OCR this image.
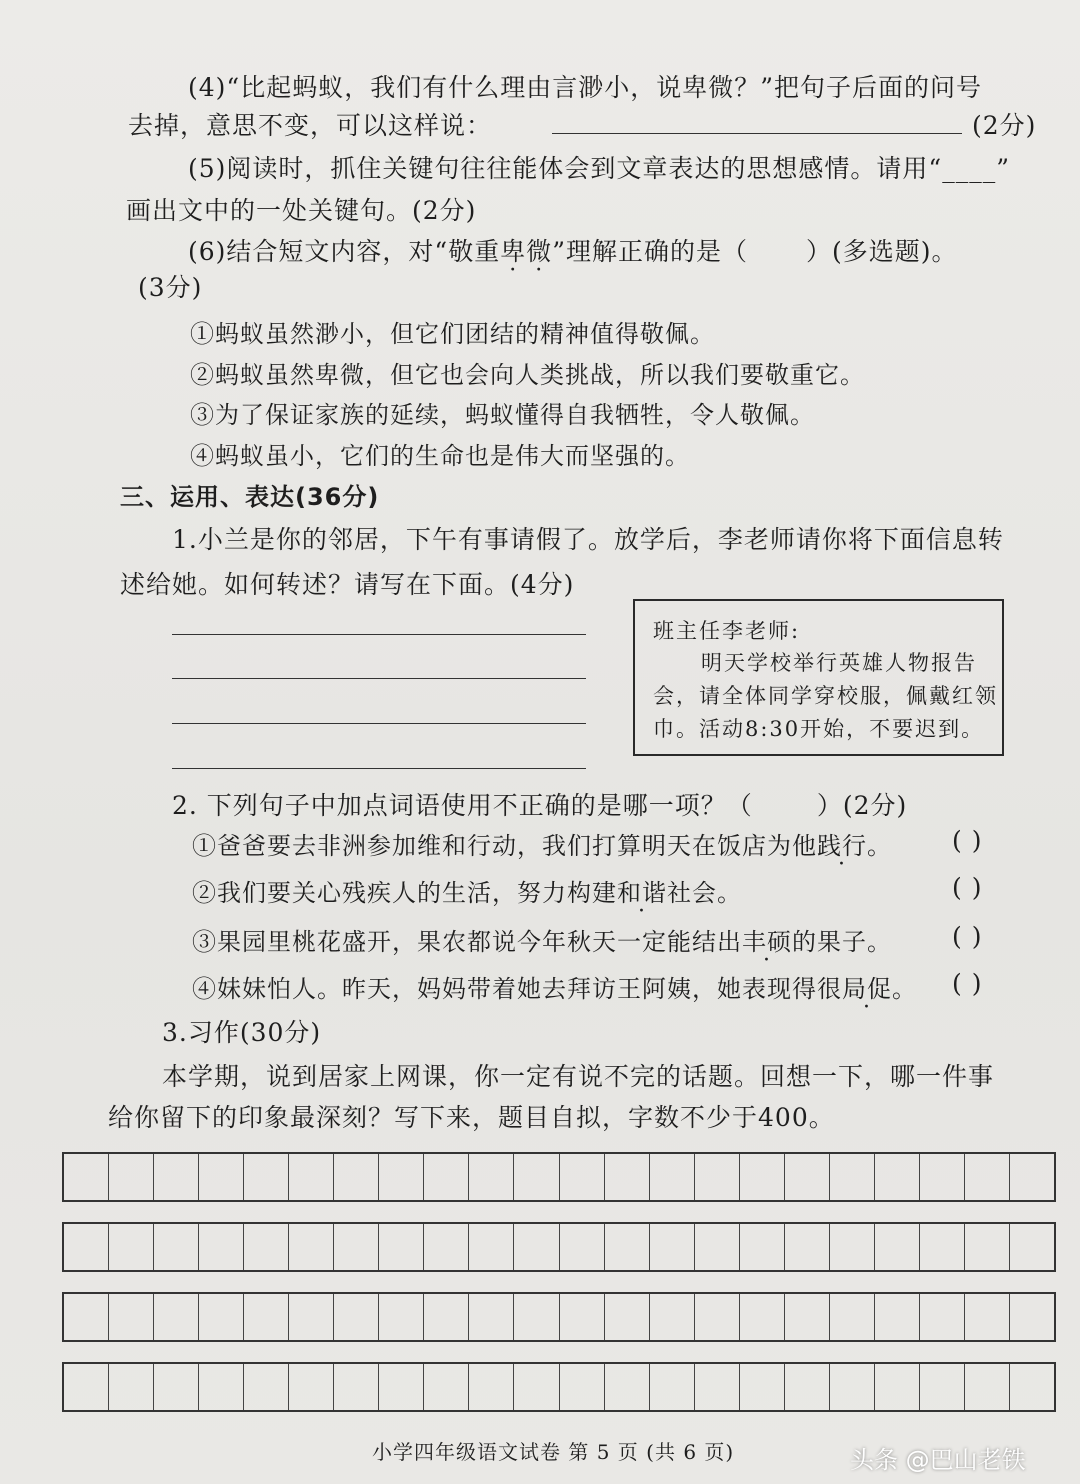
(4)“比起蚂蚁，我们有什么理由言渺小，说卑微？”把句子后面的问号
去掉，意思不变，可以这样说：	(2分)
(5)阅读时，抓住关键句往往能体会到文章表达的思想感情。请用“____”
画出文中的一处关键句。(2分)
(6)结合短文内容，对“敬重卑微”理解正确的是（ ）(多选题)。
(3分)
①蚂蚁虽然渺小，但它们团结的精神值得敬佩。
②蚂蚁虽然卑微，但它也会向人类挑战，所以我们要敬重它。
③为了保证家族的延续，蚂蚁懂得自我牺牲，令人敬佩。
④蚂蚁虽小，它们的生命也是伟大而坚强的。
三、运用、表达(36分)
1.小兰是你的邻居，下午有事请假了。放学后，李老师请你将下面信息转
述给她。如何转述？请写在下面。(4分)
班主任李老师:
明天学校举行英雄人物报告
会，请全体同学穿校服，佩戴红领
巾。活动8:30开始，不要迟到。
2. 下列句子中加点词语使用不正确的是哪一项？（	）(2分)
①爸爸要去非洲参加维和行动，我们打算明天在饭店为他践行。 ( )
②我们要关心残疾人的生活，努力构建和谐社会。	( )
③果园里桃花盛开，果农都说今年秋天一定能结出丰硕的果子。 ( )
④妹妹怕人。昨天，妈妈带着她去拜访王阿姨，她表现得很局促。 ( )
3.习作(30分)
本学期，说到居家上网课，你一定有说不完的话题。回想一下，哪一件事
给你留下的印象最深刻？写下来，题目自拟，字数不少于400。
小学四年级语文试卷 第 5 页 (共 6 页)	头条 @巴山老铁
